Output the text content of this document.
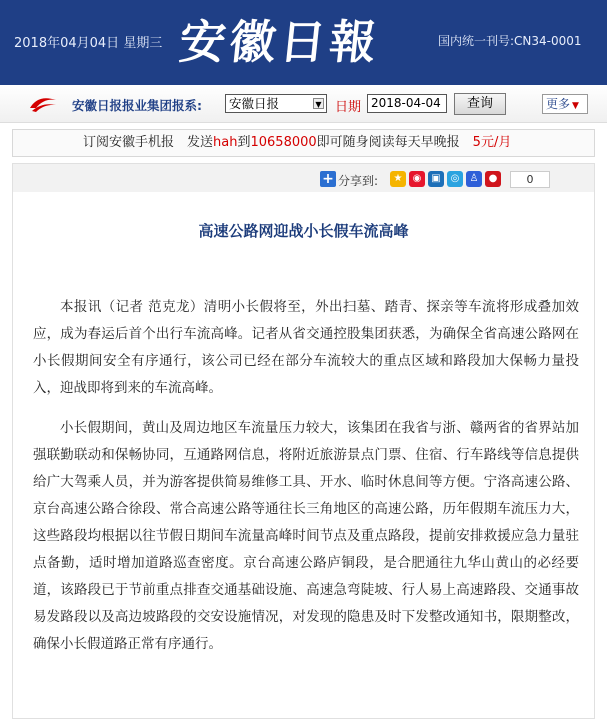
2018年04月04日 星期三 安徽日報	国内统一刊号:CN34-0001
安徽日报报业集团报系:	安徽日报	▼ 日期 2018-04-04	查询	更多 ▼
订阅安徽手机报　发送hah到10658000即可随身阅读每天早晚报　5元/月
+ 分享到:	★	◉ ▣ ◎	♙	●	0
高速公路网迎战小长假车流高峰

本报讯（记者 范克龙）清明小长假将至，外出扫墓、踏青、探亲等车流将形成叠加效应，成为春运后首个出行车流高峰。记者从省交通控股集团获悉，为确保全省高速公路网在小长假期间安全有序通行，该公司已经在部分车流较大的重点区域和路段加大保畅力量投入，迎战即将到来的车流高峰。

小长假期间，黄山及周边地区车流量压力较大，该集团在我省与浙、赣两省的省界站加强联勤联动和保畅协同，互通路网信息，将附近旅游景点门票、住宿、行车路线等信息提供给广大驾乘人员，并为游客提供简易维修工具、开水、临时休息间等方便。宁洛高速公路、京台高速公路合徐段、常合高速公路等通往长三角地区的高速公路，历年假期车流压力大，这些路段均根据以往节假日期间车流量高峰时间节点及重点路段，提前安排救援应急力量驻点备勤，适时增加道路巡查密度。京台高速公路庐铜段，是合肥通往九华山黄山的必经要道，该路段已于节前重点排查交通基础设施、高速急弯陡坡、行人易上高速路段、交通事故易发路段以及高边坡路段的交安设施情况，对发现的隐患及时下发整改通知书，限期整改，确保小长假道路正常有序通行。
